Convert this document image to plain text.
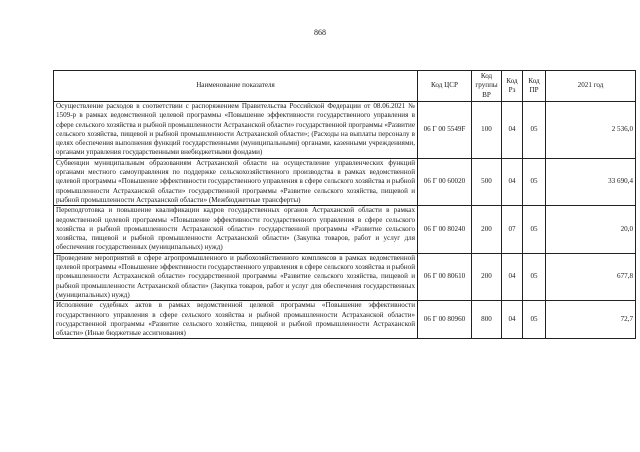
868
Наименование показателя	Код ЦСР	Код группы ВР	Код Рз	Код ПР	2021 год
Осуществление расходов в соответствии с распоряжением Правительства Российской Федерации от 08.06.2021 № 1509-р в рамках ведомственной целевой программы «Повышение эффективности государственного управления в сфере сельского хозяйства и рыбной промышленности Астраханской области» государственной программы «Развитие сельского хозяйства, пищевой и рыбной промышленности Астраханской области»; (Расходы на выплаты персоналу в целях обеспечения выполнения функций государственными (муниципальными) органами, казенными учреждениями, органами управления государственными внебюджетными фондами)	06 Г 00 5549F	100	04	05	2 536,0
Субвенции муниципальным образованиям Астраханской области на осуществление управленческих функций органами местного самоуправления по поддержке сельскохозяйственного производства в рамках ведомственной целевой программы «Повышение эффективности государственного управления в сфере сельского хозяйства и рыбной промышленности Астраханской области» государственной программы «Развитие сельского хозяйства, пищевой и рыбной промышленности Астраханской области» (Межбюджетные трансферты)	06 Г 00 60020	500	04	05	33 690,4
Переподготовка и повышение квалификации кадров государственных органов Астраханской области в рамках ведомственной целевой программы «Повышение эффективности государственного управления в сфере сельского хозяйства и рыбной промышленности Астраханской области» государственной программы «Развитие сельского хозяйства, пищевой и рыбной промышленности Астраханской области» (Закупка товаров, работ и услуг для обеспечения государственных (муниципальных) нужд)	06 Г 00 80240	200	07	05	20,0
Проведение мероприятий в сфере агропромышленного и рыбохозяйственного комплексов в рамках ведомственной целевой программы «Повышение эффективности государственного управления в сфере сельского хозяйства и рыбной промышленности Астраханской области» государственной программы «Развитие сельского хозяйства, пищевой и рыбной промышленности Астраханской области» (Закупка товаров, работ и услуг для обеспечения государственных (муниципальных) нужд)	06 Г 00 80610	200	04	05	677,8
Исполнение судебных актов в рамках ведомственной целевой программы «Повышение эффективности государственного управления в сфере сельского хозяйства и рыбной промышленности Астраханской области» государственной программы «Развитие сельского хозяйства, пищевой и рыбной промышленности Астраханской области» (Иные бюджетные ассигнования)	06 Г 00 80960	800	04	05	72,7
